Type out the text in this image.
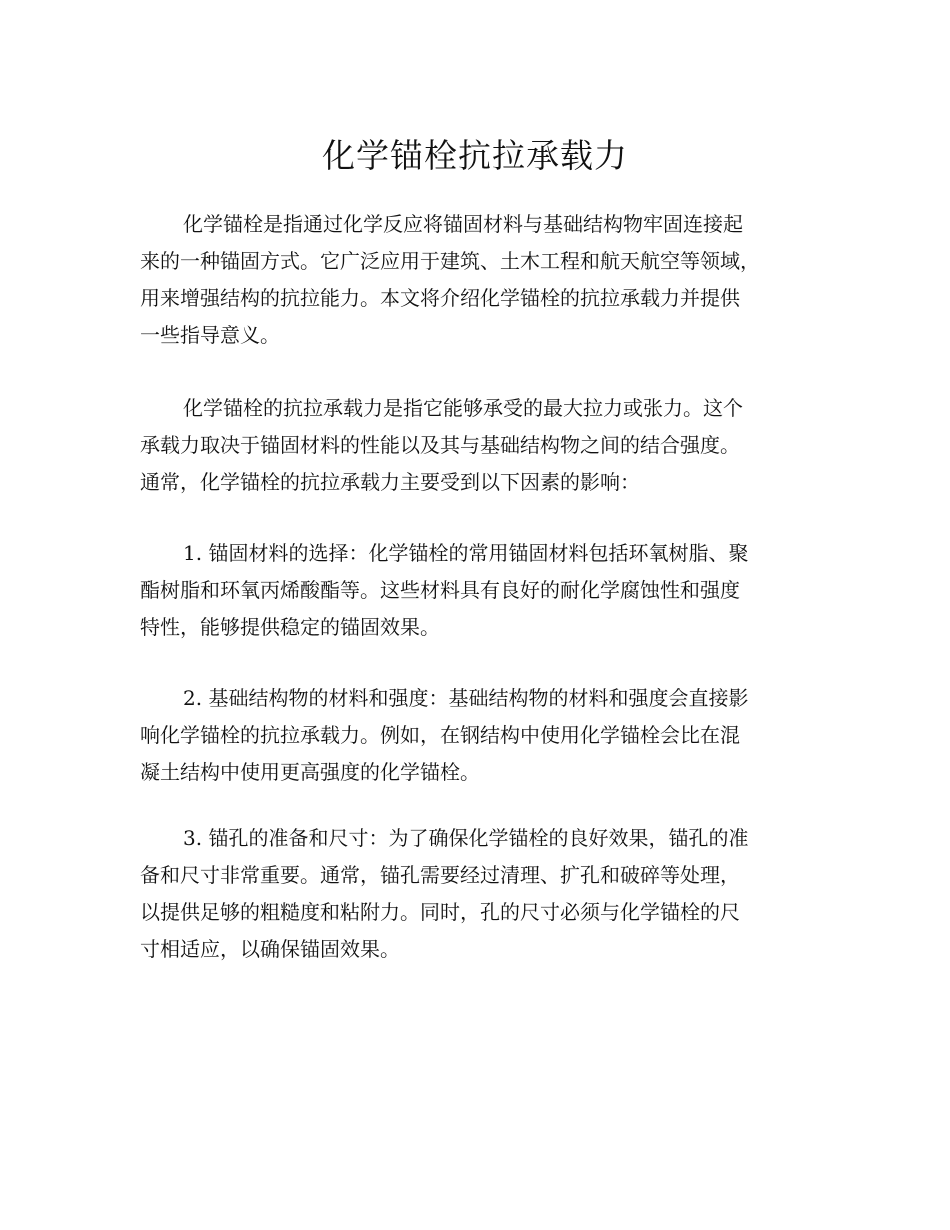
化学锚栓抗拉承载力
化学锚栓是指通过化学反应将锚固材料与基础结构物牢固连接起
来的一种锚固方式。它广泛应用于建筑、土木工程和航天航空等领域，
用来增强结构的抗拉能力。本文将介绍化学锚栓的抗拉承载力并提供
一些指导意义。
化学锚栓的抗拉承载力是指它能够承受的最大拉力或张力。这个
承载力取决于锚固材料的性能以及其与基础结构物之间的结合强度。
通常，化学锚栓的抗拉承载力主要受到以下因素的影响：
1. 锚固材料的选择：化学锚栓的常用锚固材料包括环氧树脂、聚
酯树脂和环氧丙烯酸酯等。这些材料具有良好的耐化学腐蚀性和强度
特性，能够提供稳定的锚固效果。
2. 基础结构物的材料和强度：基础结构物的材料和强度会直接影
响化学锚栓的抗拉承载力。例如，在钢结构中使用化学锚栓会比在混
凝土结构中使用更高强度的化学锚栓。
3. 锚孔的准备和尺寸：为了确保化学锚栓的良好效果，锚孔的准
备和尺寸非常重要。通常，锚孔需要经过清理、扩孔和破碎等处理，
以提供足够的粗糙度和粘附力。同时，孔的尺寸必须与化学锚栓的尺
寸相适应，以确保锚固效果。
